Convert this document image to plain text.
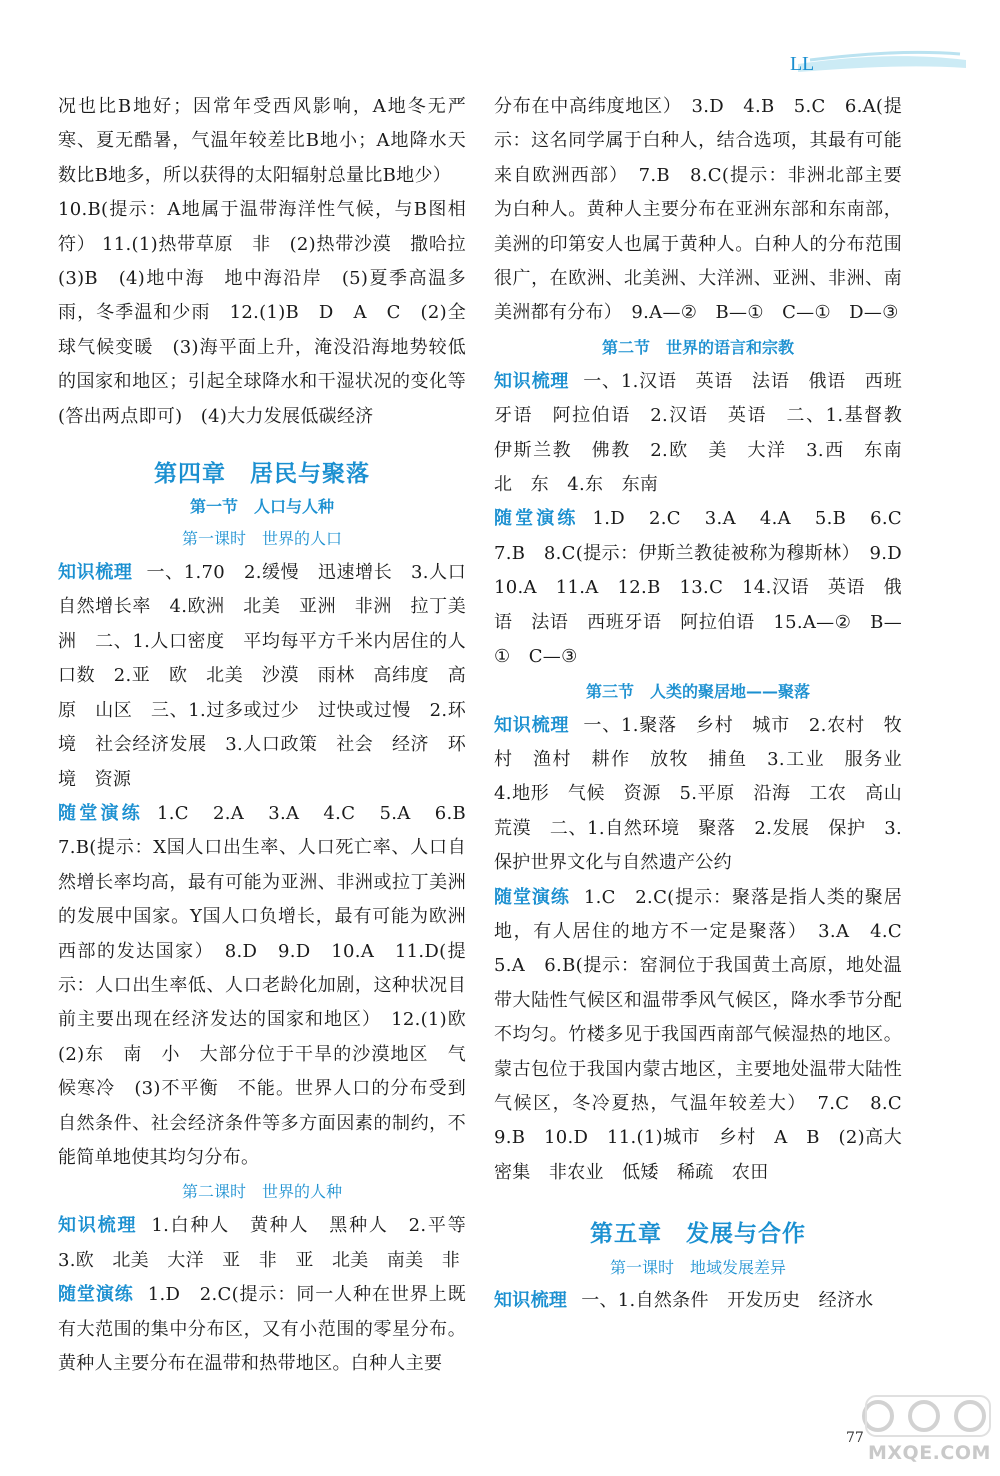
L L

况也比B地好；因常年受西风影响，A地冬无严寒、夏无酷暑，气温年较差比B地小；A地降水天数比B地多，所以获得的太阳辐射总量比B地少）

10.B(提示：A地属于温带海洋性气候，与B图相符） 11.(1)热带草原　非　(2)热带沙漠　撒哈拉　(3)B　(4)地中海　地中海沿岸　(5)夏季高温多雨，冬季温和少雨　12.(1)B　D　A　C　(2)全球气候变暖　(3)海平面上升，淹没沿海地势较低的国家和地区；引起全球降水和干湿状况的变化等(答出两点即可)　(4)大力发展低碳经济

第四章　居民与聚落

第一节　人口与人种

第一课时　世界的人口

知识梳理 一、1.70　2.缓慢　迅速增长　3.人口自然增长率　4.欧洲　北美　亚洲　非洲　拉丁美洲　二、1.人口密度　平均每平方千米内居住的人口数　2.亚　欧　北美　沙漠　雨林　高纬度　高原　山区　三、1.过多或过少　过快或过慢　2.环境　社会经济发展　3.人口政策　社会　经济　环境　资源

随堂演练 1.C　2.A　3.A　4.C　5.A　6.B　7.B(提示：X国人口出生率、人口死亡率、人口自然增长率均高，最有可能为亚洲、非洲或拉丁美洲的发展中国家。Y国人口负增长，最有可能为欧洲西部的发达国家）　8.D　9.D　10.A　11.D(提示：人口出生率低、人口老龄化加剧，这种状况目前主要出现在经济发达的国家和地区）　12.(1)欧　(2)东　南　小　大部分位于干旱的沙漠地区　气候寒冷　(3)不平衡　不能。世界人口的分布受到自然条件、社会经济条件等多方面因素的制约，不能简单地使其均匀分布。

第二课时　世界的人种

知识梳理 1.白种人　黄种人　黑种人　2.平等　3.欧　北美　大洋　亚　非　亚　北美　南美　非

随堂演练 1.D　2.C(提示：同一人种在世界上既有大范围的集中分布区，又有小范围的零星分布。黄种人主要分布在温带和热带地区。白种人主要

分布在中高纬度地区）　3.D　4.B　5.C　6.A(提示：这名同学属于白种人，结合选项，其最有可能来自欧洲西部）　7.B　8.C(提示：非洲北部主要为白种人。黄种人主要分布在亚洲东部和东南部，美洲的印第安人也属于黄种人。白种人的分布范围很广，在欧洲、北美洲、大洋洲、亚洲、非洲、南美洲都有分布）　9.A—②　B—①　C—①　D—③

第二节　世界的语言和宗教

知识梳理 一、1.汉语　英语　法语　俄语　西班牙语　阿拉伯语　2.汉语　英语　二、1.基督教　伊斯兰教　佛教　2.欧　美　大洋　3.西　东南　北　东　4.东　东南

随堂演练 1.D　2.C　3.A　4.A　5.B　6.C　7.B　8.C(提示：伊斯兰教徒被称为穆斯林）　9.D　10.A　11.A　12.B　13.C　14.汉语　英语　俄语　法语　西班牙语　阿拉伯语　15.A—②　B—①　C—③

第三节　人类的聚居地——聚落

知识梳理 一、1.聚落　乡村　城市　2.农村　牧村　渔村　耕作　放牧　捕鱼　3.工业　服务业　4.地形　气候　资源　5.平原　沿海　工农　高山　荒漠　二、1.自然环境　聚落　2.发展　保护　3.保护世界文化与自然遗产公约

随堂演练 1.C　2.C(提示：聚落是指人类的聚居地，有人居住的地方不一定是聚落）　3.A　4.C　5.A　6.B(提示：窑洞位于我国黄土高原，地处温带大陆性气候区和温带季风气候区，降水季节分配不均匀。竹楼多见于我国西南部气候湿热的地区。蒙古包位于我国内蒙古地区，主要地处温带大陆性气候区，冬冷夏热，气温年较差大）　7.C　8.C　9.B　10.D　11.(1)城市　乡村　A　B　(2)高大　密集　非农业　低矮　稀疏　农田

第五章　发展与合作

第一课时　地域发展差异

知识梳理 一、1.自然条件　开发历史　经济水

MXQE.COM
77
